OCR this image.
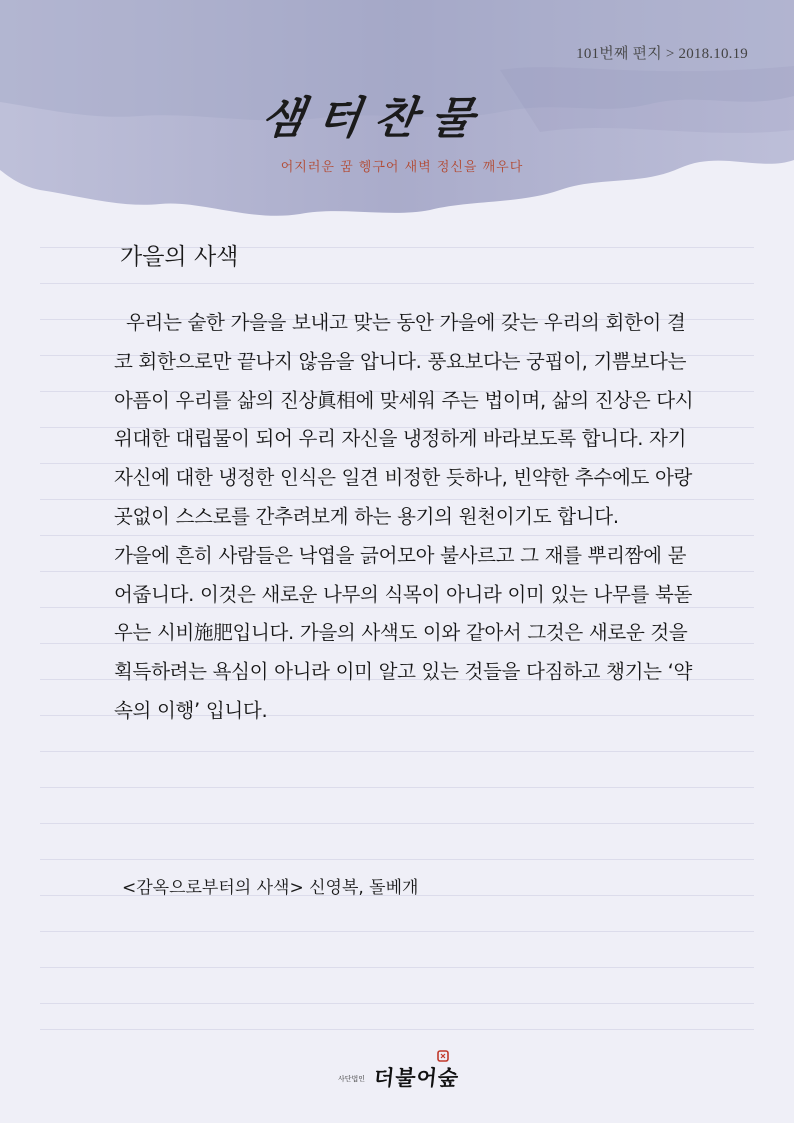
101번째 편지 > 2018.10.19
샘터찬물
어지러운 꿈 헹구어 새벽 정신을 깨우다
가을의 사색

우리는 숱한 가을을 보내고 맞는 동안 가을에 갖는 우리의 회한이 결코 회한으로만 끝나지 않음을 압니다. 풍요보다는 궁핍이, 기쁨보다는 아픔이 우리를 삶의 진상眞相에 맞세워 주는 법이며, 삶의 진상은 다시 위대한 대립물이 되어 우리 자신을 냉정하게 바라보도록 합니다. 자기 자신에 대한 냉정한 인식은 일견 비정한 듯하나, 빈약한 추수에도 아랑곳없이 스스로를 간추려보게 하는 용기의 원천이기도 합니다.

가을에 흔히 사람들은 낙엽을 긁어모아 불사르고 그 재를 뿌리짬에 묻어줍니다. 이것은 새로운 나무의 식목이 아니라 이미 있는 나무를 북돋우는 시비施肥입니다. 가을의 사색도 이와 같아서 그것은 새로운 것을 획득하려는 욕심이 아니라 이미 알고 있는 것들을 다짐하고 챙기는 ‘약속의 이행’ 입니다.

<감옥으로부터의 사색> 신영복, 돌베개
사단법인 더불어숲
